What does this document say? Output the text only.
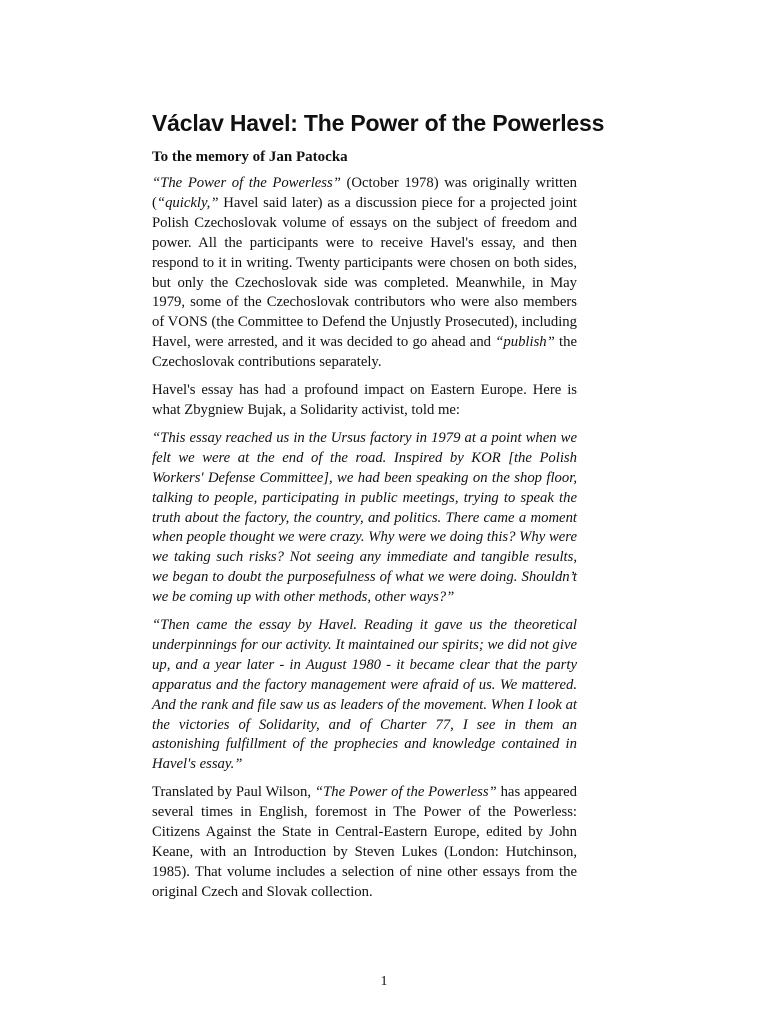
Václav Havel: The Power of the Powerless
To the memory of Jan Patocka

“The Power of the Powerless” (October 1978) was originally written (“quickly,” Havel said later) as a discussion piece for a projected joint Polish Czechoslovak volume of essays on the subject of freedom and power. All the participants were to receive Havel's essay, and then respond to it in writing. Twenty participants were chosen on both sides, but only the Czechoslovak side was completed. Meanwhile, in May 1979, some of the Czechoslovak contributors who were also members of VONS (the Committee to Defend the Unjustly Prosecuted), including Havel, were arrested, and it was decided to go ahead and “publish” the Czechoslovak contributions separately.

Havel's essay has had a profound impact on Eastern Europe. Here is what Zbygniew Bujak, a Solidarity activist, told me:

“This essay reached us in the Ursus factory in 1979 at a point when we felt we were at the end of the road. Inspired by KOR [the Polish Workers' Defense Committee], we had been speaking on the shop floor, talking to people, participating in public meetings, trying to speak the truth about the factory, the country, and politics. There came a moment when people thought we were crazy. Why were we doing this? Why were we taking such risks? Not seeing any immediate and tangible results, we began to doubt the purposefulness of what we were doing. Shouldn’t we be coming up with other methods, other ways?”

“Then came the essay by Havel. Reading it gave us the theoretical underpinnings for our activity. It maintained our spirits; we did not give up, and a year later - in August 1980 - it became clear that the party apparatus and the factory management were afraid of us. We mattered. And the rank and file saw us as leaders of the movement. When I look at the victories of Solidarity, and of Charter 77, I see in them an astonishing fulfillment of the prophecies and knowledge contained in Havel's essay.”

Translated by Paul Wilson, “The Power of the Powerless” has appeared several times in English, foremost in The Power of the Powerless: Citizens Against the State in Central-Eastern Europe, edited by John Keane, with an Introduction by Steven Lukes (London: Hutchinson, 1985). That volume includes a selection of nine other essays from the original Czech and Slovak collection.

1
